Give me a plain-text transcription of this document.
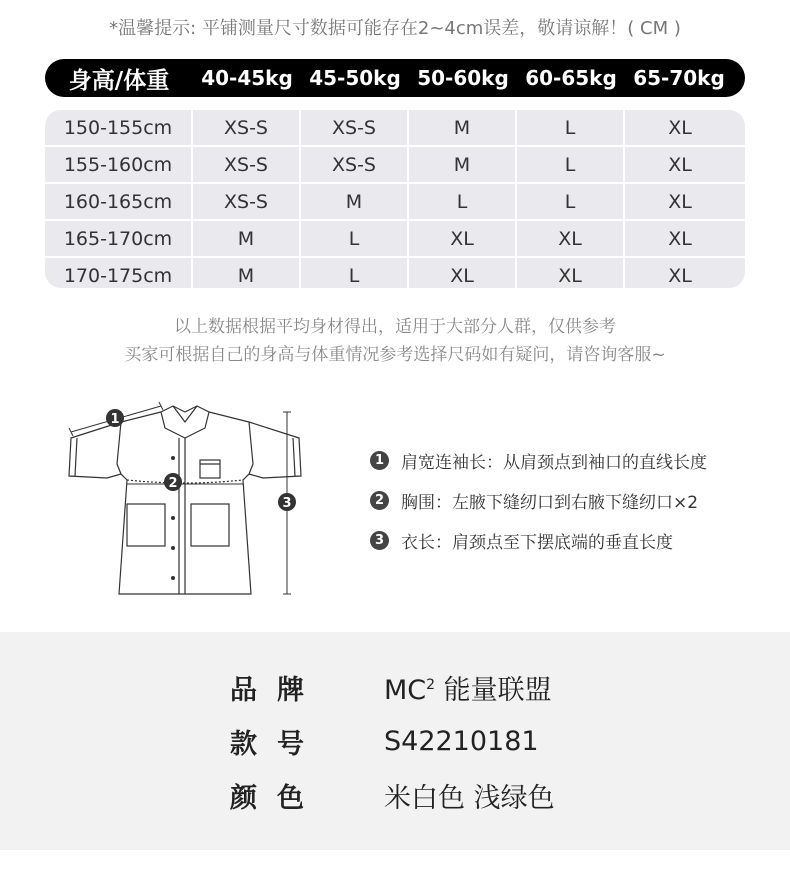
*温馨提示: 平铺测量尺寸数据可能存在2~4cm误差，敬请谅解！( CM )
身高/体重	40-45kg 45-50kg 50-60kg 60-65kg 65-70kg
150-155cm	XS-S	XS-S	M	L	XL
155-160cm	XS-S	XS-S	M	L	XL
160-165cm	XS-S	M	L	L	XL
165-170cm	M	L	XL	XL	XL
170-175cm	M	L	XL	XL	XL
以上数据根据平均身材得出，适用于大部分人群，仅供参考
买家可根据自己的身高与体重情况参考选择尺码如有疑问，请咨询客服~
1
2
3
1 肩宽连袖长：从肩颈点到袖口的直线长度
2 胸围：左腋下缝纫口到右腋下缝纫口×2
3 衣长：肩颈点至下摆底端的垂直长度
品牌 $MC^2$ 能量联盟
款号 S42210181
颜色 米白色 浅绿色
